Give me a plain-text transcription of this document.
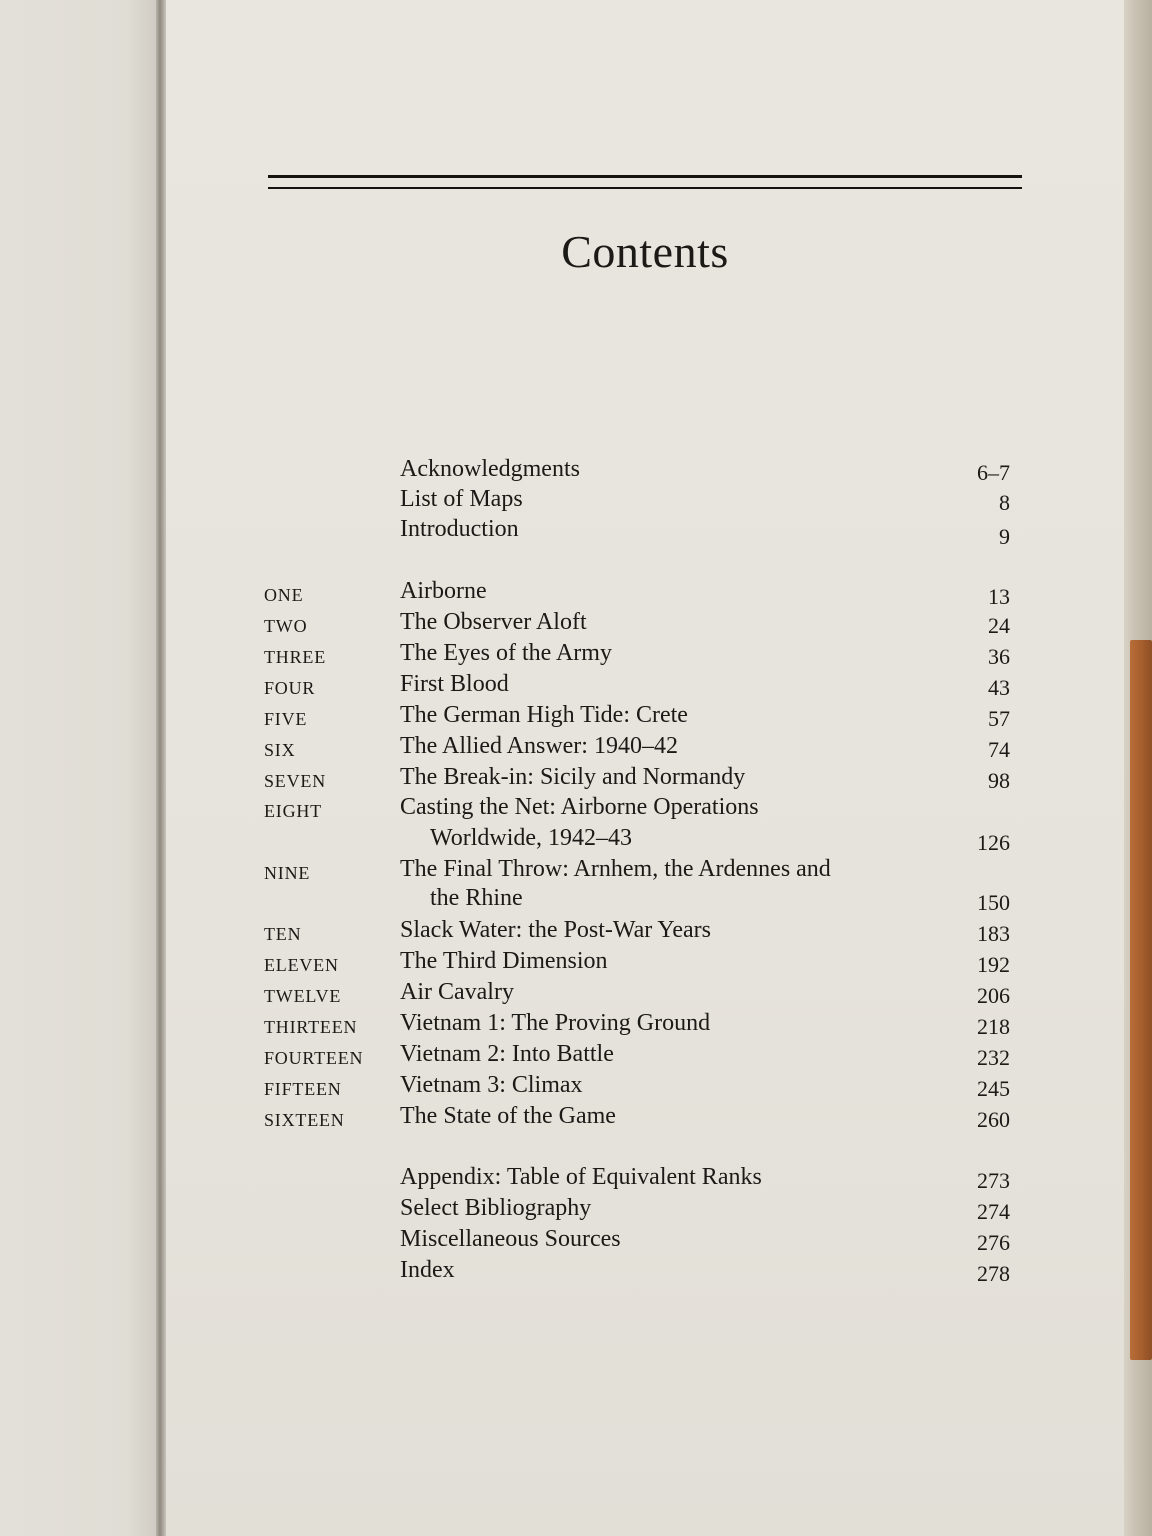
Contents
Acknowledgments	6–7
List of Maps	8
Introduction	9
ONE	Airborne	13
TWO	The Observer Aloft	24
THREE	The Eyes of the Army	36
FOUR	First Blood	43
FIVE	The German High Tide: Crete	57
SIX	The Allied Answer: 1940–42	74
SEVEN	The Break-in: Sicily and Normandy	98
EIGHT	Casting the Net: Airborne Operations
Worldwide, 1942–43	126
NINE	The Final Throw: Arnhem, the Ardennes and
the Rhine	150
TEN	Slack Water: the Post-War Years	183
ELEVEN	The Third Dimension	192
TWELVE Air Cavalry	206
THIRTEEN Vietnam 1: The Proving Ground	218
FOURTEEN Vietnam 2: Into Battle	232
FIFTEEN Vietnam 3: Climax	245
SIXTEEN The State of the Game	260
Appendix: Table of Equivalent Ranks	273
Select Bibliography	274
Miscellaneous Sources	276
Index	278
